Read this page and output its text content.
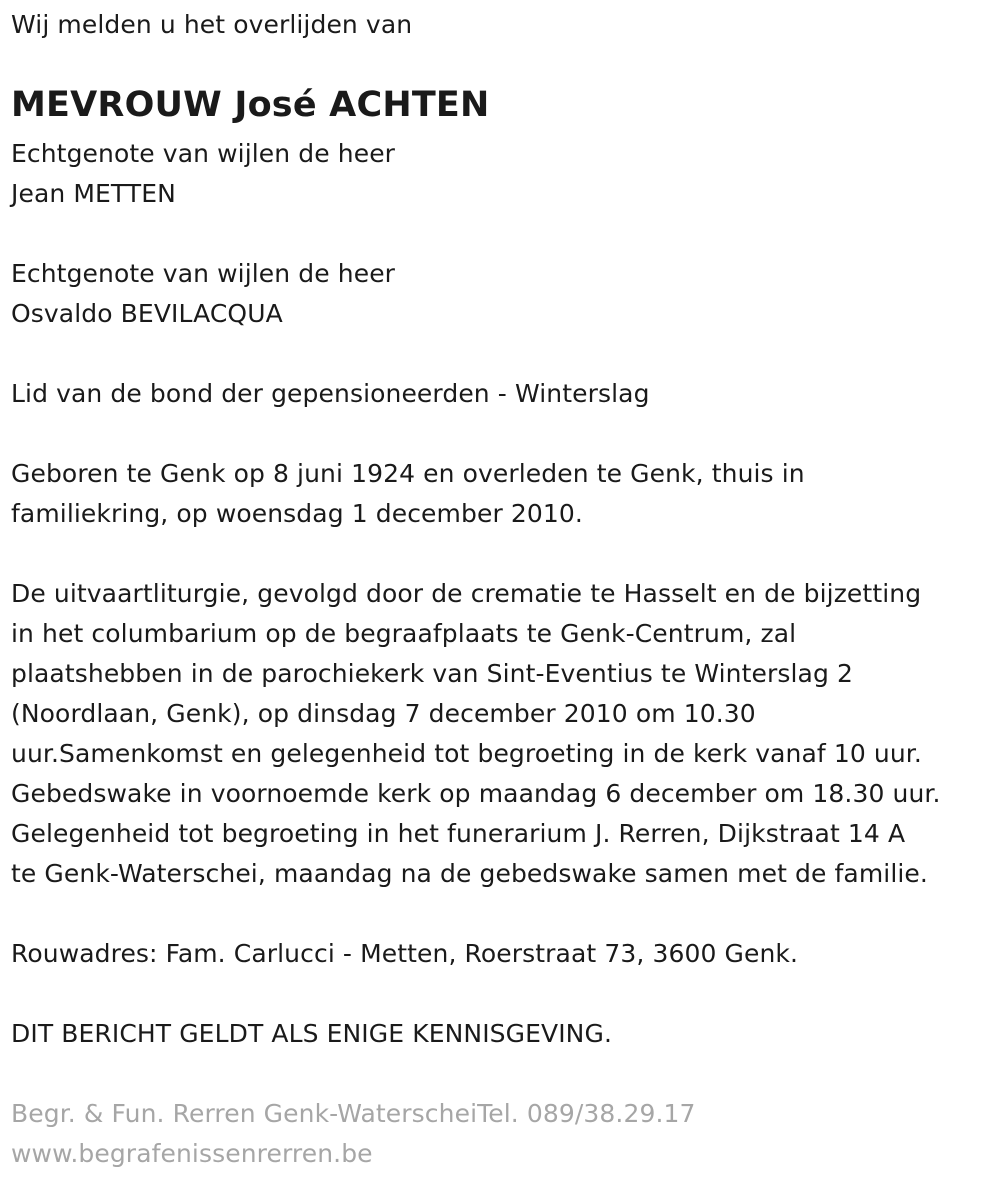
Wij melden u het overlijden van
MEVROUW José ACHTEN
Echtgenote van wijlen de heer
Jean METTEN
Echtgenote van wijlen de heer
Osvaldo BEVILACQUA
Lid van de bond der gepensioneerden - Winterslag
Geboren te Genk op 8 juni 1924 en overleden te Genk, thuis in
familiekring, op woensdag 1 december 2010.
De uitvaartliturgie, gevolgd door de crematie te Hasselt en de bijzetting
in het columbarium op de begraafplaats te Genk-Centrum, zal
plaatshebben in de parochiekerk van Sint-Eventius te Winterslag 2
(Noordlaan, Genk), op dinsdag 7 december 2010 om 10.30
uur.Samenkomst en gelegenheid tot begroeting in de kerk vanaf 10 uur.
Gebedswake in voornoemde kerk op maandag 6 december om 18.30 uur.
Gelegenheid tot begroeting in het funerarium J. Rerren, Dijkstraat 14 A
te Genk-Waterschei, maandag na de gebedswake samen met de familie.
Rouwadres: Fam. Carlucci - Metten, Roerstraat 73, 3600 Genk.
DIT BERICHT GELDT ALS ENIGE KENNISGEVING.
Begr. & Fun. Rerren Genk-WaterscheiTel. 089/38.29.17
www.begrafenissenrerren.be
